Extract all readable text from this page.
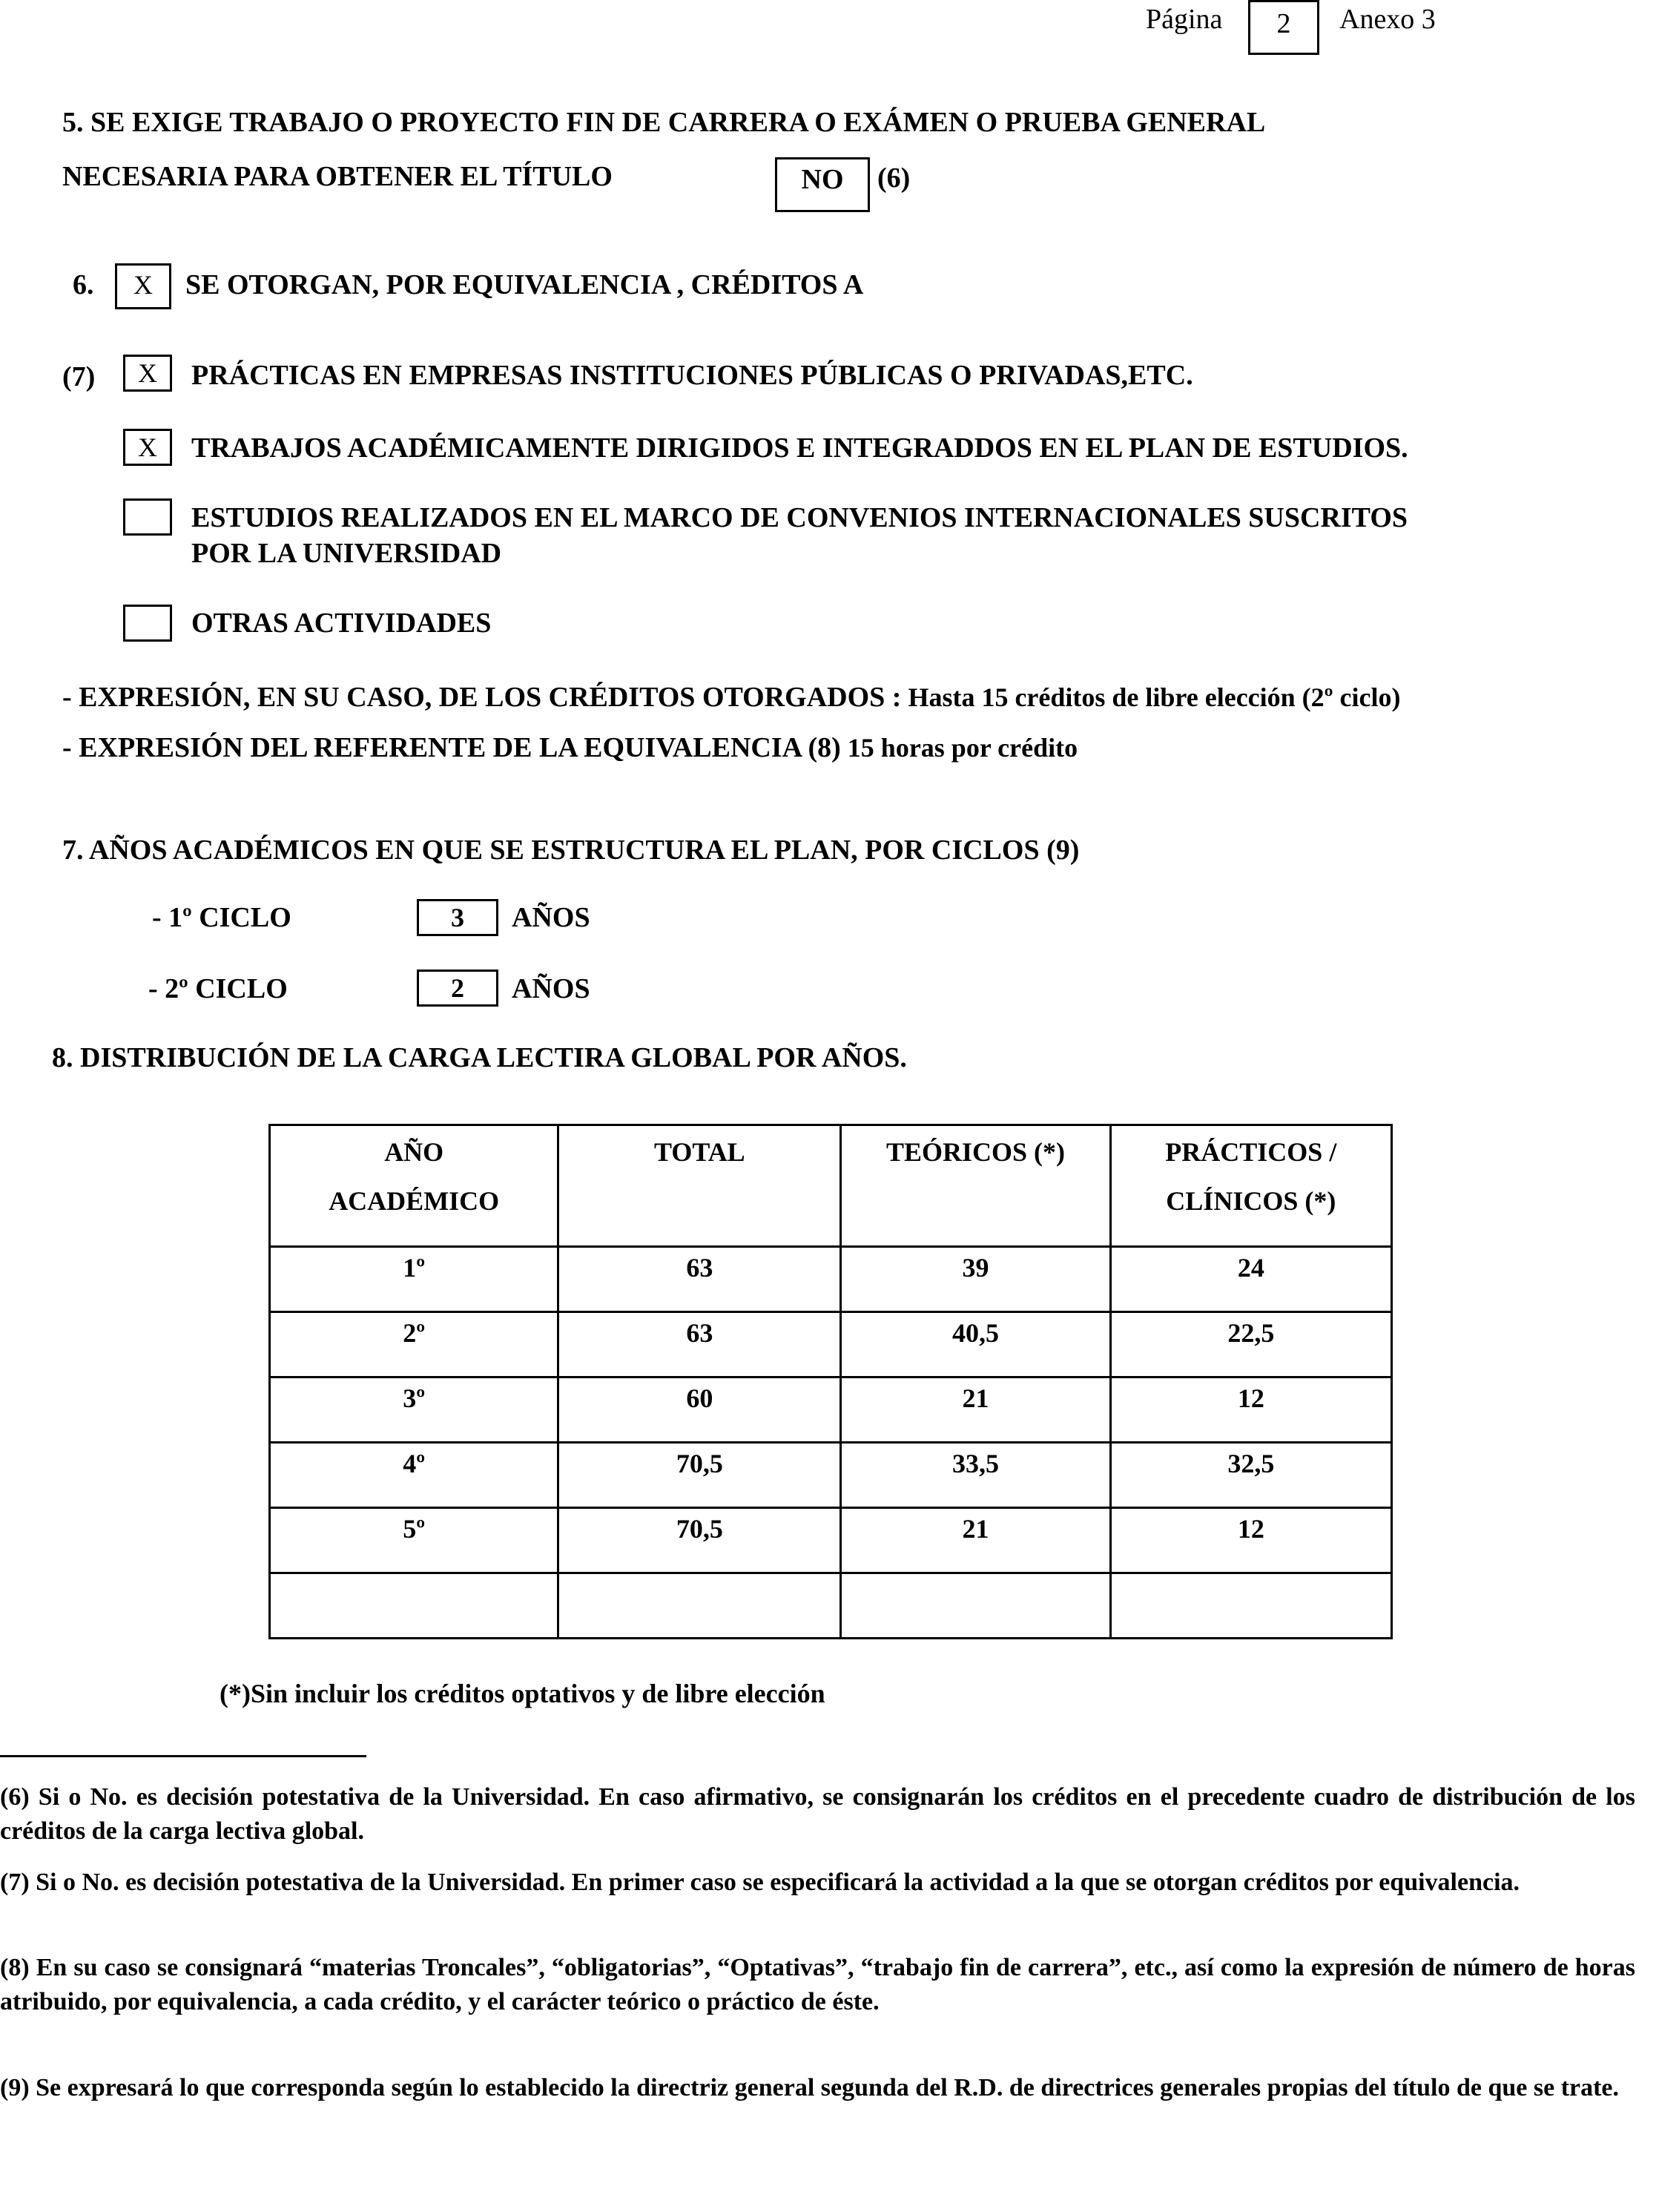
Página	2	Anexo 3
5. SE EXIGE TRABAJO O PROYECTO FIN DE CARRERA O EXÁMEN O PRUEBA GENERAL
NECESARIA PARA OBTENER EL TÍTULO	NO	(6)
6.	X	SE OTORGAN, POR EQUIVALENCIA , CRÉDITOS A
(7)	X	PRÁCTICAS EN EMPRESAS INSTITUCIONES PÚBLICAS O PRIVADAS,ETC.
X	TRABAJOS ACADÉMICAMENTE DIRIGIDOS E INTEGRADDOS EN EL PLAN DE ESTUDIOS.
ESTUDIOS REALIZADOS EN EL MARCO DE CONVENIOS INTERNACIONALES SUSCRITOS
POR LA UNIVERSIDAD
OTRAS ACTIVIDADES
- EXPRESIÓN, EN SU CASO, DE LOS CRÉDITOS OTORGADOS : Hasta 15 créditos de libre elección (2º ciclo)
- EXPRESIÓN DEL REFERENTE DE LA EQUIVALENCIA (8) 15 horas por crédito
7. AÑOS ACADÉMICOS EN QUE SE ESTRUCTURA EL PLAN, POR CICLOS (9)
- 1º CICLO	3	AÑOS
- 2º CICLO	2	AÑOS
8. DISTRIBUCIÓN DE LA CARGA LECTIRA GLOBAL POR AÑOS.
AÑO
ACADÉMICO	TOTAL	TEÓRICOS (*)	PRÁCTICOS /
CLÍNICOS (*)
1º	63	39	24
2º	63	40,5	22,5
3º	60	21	12
4º	70,5	33,5	32,5
5º	70,5	21	12

(*)Sin incluir los créditos optativos y de libre elección
(6) Si o No. es decisión potestativa de la Universidad. En caso afirmativo, se consignarán los créditos en el precedente cuadro de distribución de los créditos de la carga lectiva global.
(7) Si o No. es decisión potestativa de la Universidad. En primer caso se especificará la actividad a la que se otorgan créditos por equivalencia.
(8) En su caso se consignará “materias Troncales”, “obligatorias”, “Optativas”, “trabajo fin de carrera”, etc., así como la expresión de número de horas atribuido, por equivalencia, a cada crédito, y el carácter teórico o práctico de éste.
(9) Se expresará lo que corresponda según lo establecido la directriz general segunda del R.D. de directrices generales propias del título de que se trate.
